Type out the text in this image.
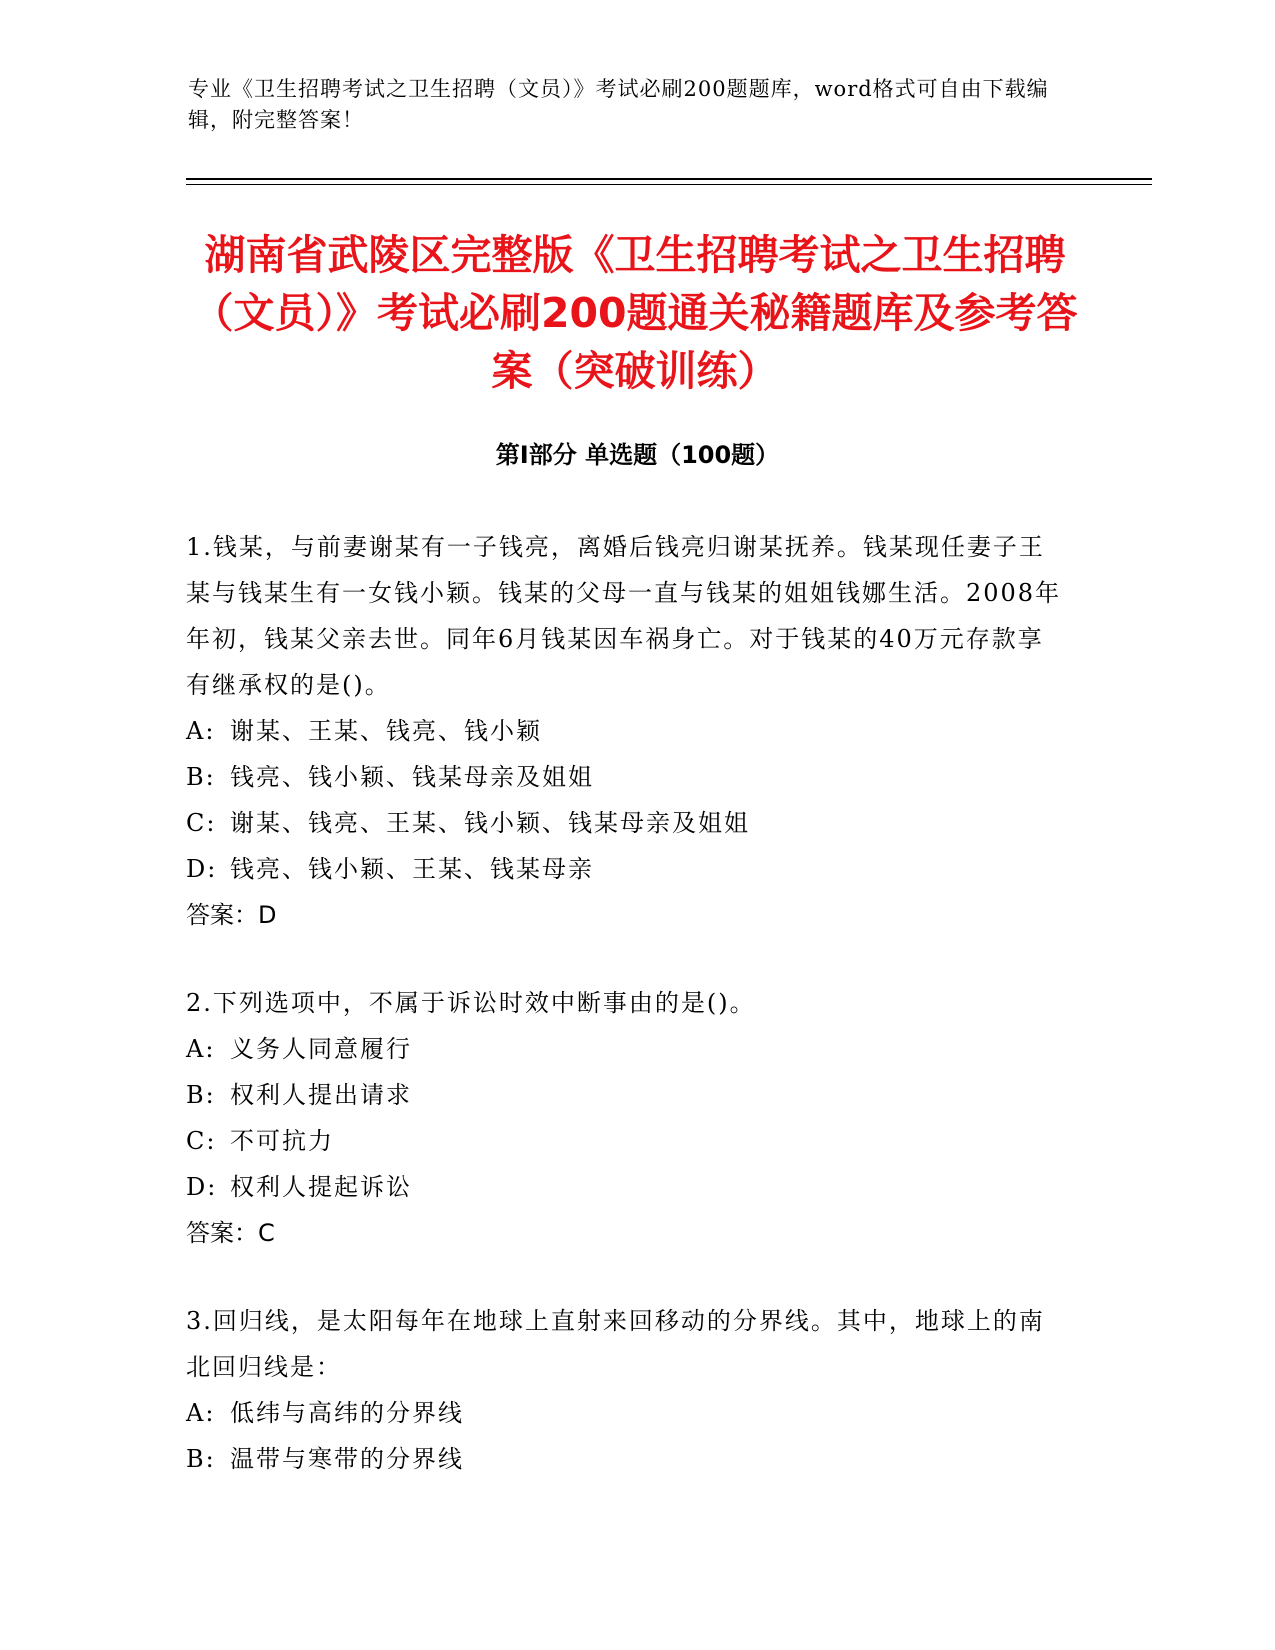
专业《卫生招聘考试之卫生招聘（文员）》考试必刷200题题库，word格式可自由下载编辑，附完整答案！
湖南省武陵区完整版《卫生招聘考试之卫生招聘（文员）》考试必刷200题通关秘籍题库及参考答案（突破训练）
第Ⅰ部分 单选题（100题）

1.钱某，与前妻谢某有一子钱亮，离婚后钱亮归谢某抚养。钱某现任妻子王某与钱某生有一女钱小颖。钱某的父母一直与钱某的姐姐钱娜生活。2008年年初，钱某父亲去世。同年6月钱某因车祸身亡。对于钱某的40万元存款享有继承权的是()。

A: 谢某、王某、钱亮、钱小颖

B: 钱亮、钱小颖、钱某母亲及姐姐

C: 谢某、钱亮、王某、钱小颖、钱某母亲及姐姐

D: 钱亮、钱小颖、王某、钱某母亲

答案：D

2.下列选项中，不属于诉讼时效中断事由的是()。

A: 义务人同意履行

B: 权利人提出请求

C: 不可抗力

D: 权利人提起诉讼

答案：C

3.回归线，是太阳每年在地球上直射来回移动的分界线。其中，地球上的南北回归线是：

A: 低纬与高纬的分界线

B: 温带与寒带的分界线
